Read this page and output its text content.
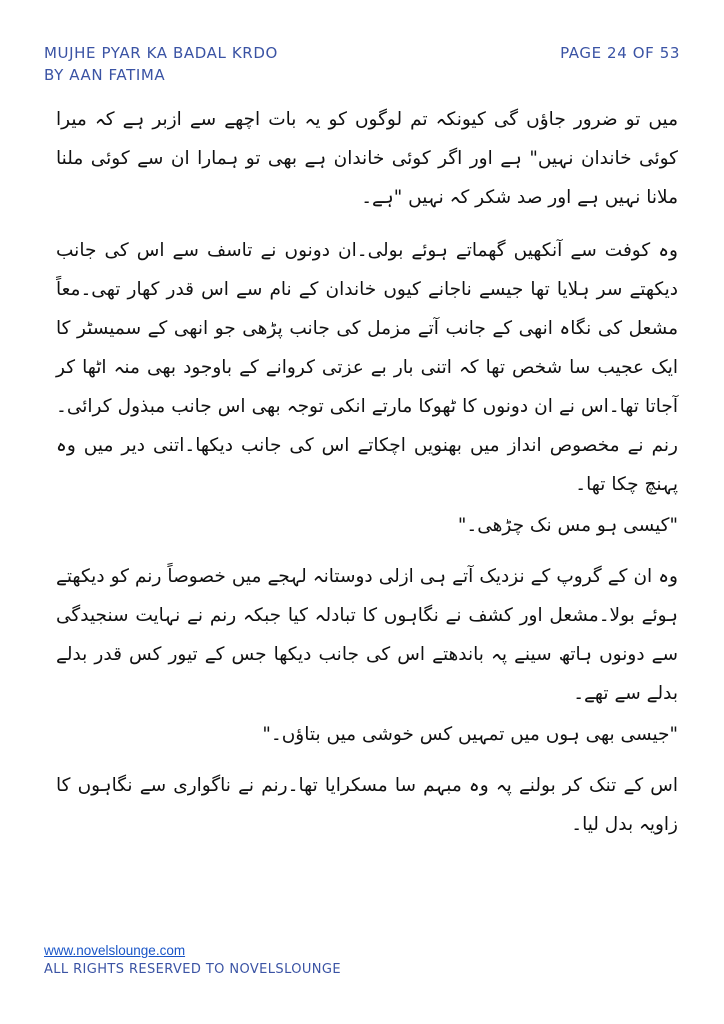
MUJHE PYAR KA BADAL KRDO
BY AAN FATIMA
PAGE 24 OF 53

میں تو ضرور جاؤں گی کیونکہ تم لوگوں کو یہ بات اچھے سے ازبر ہے کہ میرا کوئی خاندان نہیں" ہے اور اگر کوئی خاندان ہے بھی تو ہمارا ان سے کوئی ملنا ملانا نہیں ہے اور صد شکر کہ نہیں "ہے۔

وہ کوفت سے آنکھیں گھماتے ہوئے بولی۔ان دونوں نے تاسف سے اس کی جانب دیکھتے سر ہلایا تھا جیسے ناجانے کیوں خاندان کے نام سے اس قدر کھار تھی۔معاً مشعل کی نگاہ انھی کے جانب آتے مزمل کی جانب پڑھی جو انھی کے سمیسٹر کا ایک عجیب سا شخص تھا کہ اتنی بار بے عزتی کروانے کے باوجود بھی منہ اٹھا کر آجاتا تھا۔اس نے ان دونوں کا ٹھوکا مارتے انکی توجہ بھی اس جانب مبذول کرائی۔رنم نے مخصوص انداز میں بھنویں اچکاتے اس کی جانب دیکھا۔اتنی دیر میں وہ پہنچ چکا تھا۔

"کیسی ہو مس نک چڑھی۔"

وہ ان کے گروپ کے نزدیک آتے ہی ازلی دوستانہ لہجے میں خصوصاً رنم کو دیکھتے ہوئے بولا۔مشعل اور کشف نے نگاہوں کا تبادلہ کیا جبکہ رنم نے نہایت سنجیدگی سے دونوں ہاتھ سینے پہ باندھتے اس کی جانب دیکھا جس کے تیور کس قدر بدلے بدلے سے تھے۔

"جیسی بھی ہوں میں تمہیں کس خوشی میں بتاؤں۔"

اس کے تنک کر بولنے پہ وہ مبہم سا مسکرایا تھا۔رنم نے ناگواری سے نگاہوں کا زاویہ بدل لیا۔

www.novelslounge.com
ALL RIGHTS RESERVED TO NOVELSLOUNGE
